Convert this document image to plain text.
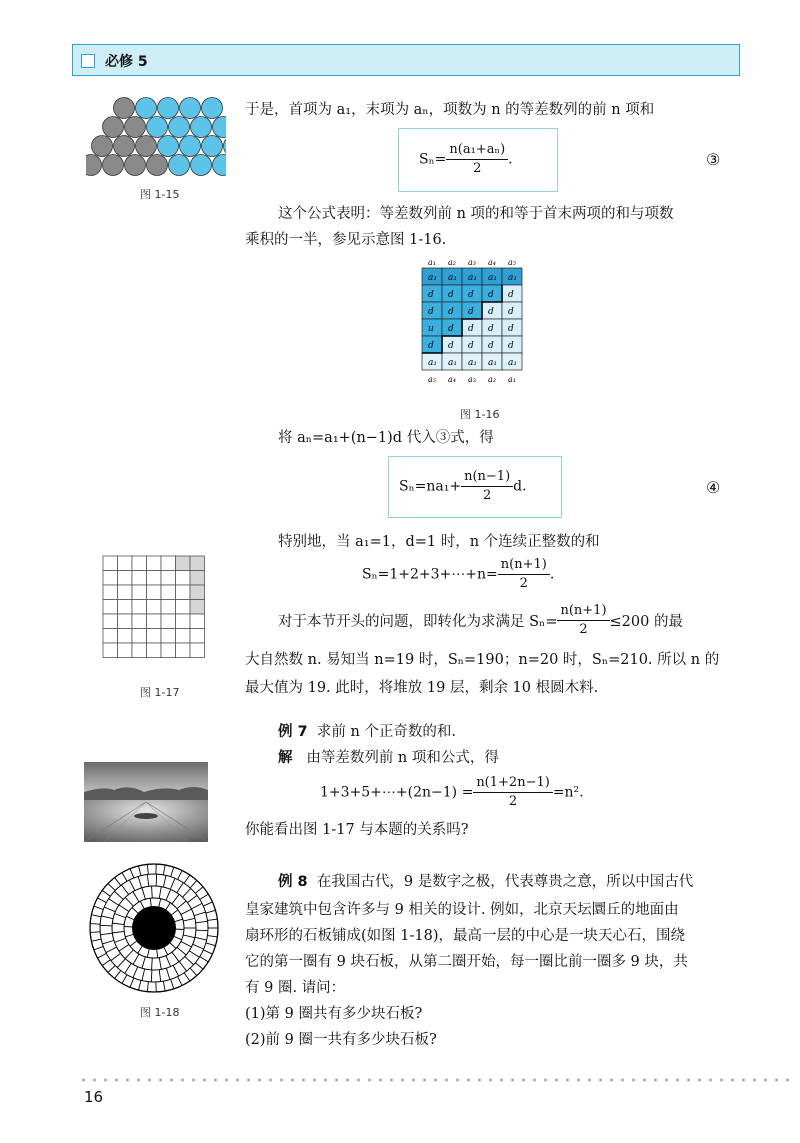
必修 5
图 1-15
于是，首项为 a₁，末项为 aₙ，项数为 n 的等差数列的前 n 项和
$S_n= \frac{\text{n(a₁+aₙ)}}{2}$ .	③
这个公式表明：等差数列前 n 项的和等于首末两项的和与项数
乘积的一半，参见示意图 1-16.
a₁ a₂ a₃ a₄ a₅
a₁ a₁ a₁ a₁ a₁
d d d d d
d d d d d
u d d d d
d d d d d
a₁ a₁ a₁ a₁ a₁
a₅ a₄ a₃ a₂ a₁
图 1-16
将 aₙ=a₁+(n−1)d 代入③式，得
$S_n=na_1+ \frac{n(n-1)}{2} d$.	④
图 1-17
特别地，当 a₁=1，d=1 时，n 个连续正整数的和
Sₙ=1+2+3+⋯+n= $\frac{n(n+1)}{2}$ .
对于本节开头的问题，即转化为求满足 $S_n= \frac{n(n+1)}{2} \le 200$ 的最
大自然数 n. 易知当 n=19 时，Sₙ=190；n=20 时，Sₙ=210. 所以 n 的
最大值为 19. 此时，将堆放 19 层，剩余 10 根圆木料.
例 7 求前 n 个正奇数的和.
解 由等差数列前 n 项和公式，得
1+3+5+⋯+(2n−1) = $\frac{n(1+2n-1)}{2} =n^2$.
你能看出图 1-17 与本题的关系吗?
图 1-18
例 8 在我国古代，9 是数字之极，代表尊贵之意，所以中国古代
皇家建筑中包含许多与 9 相关的设计. 例如，北京天坛圜丘的地面由
扇环形的石板铺成(如图 1-18)，最高一层的中心是一块天心石，围绕
它的第一圈有 9 块石板，从第二圈开始，每一圈比前一圈多 9 块，共
有 9 圈. 请问：
(1)第 9 圈共有多少块石板?
(2)前 9 圈一共有多少块石板?
16
